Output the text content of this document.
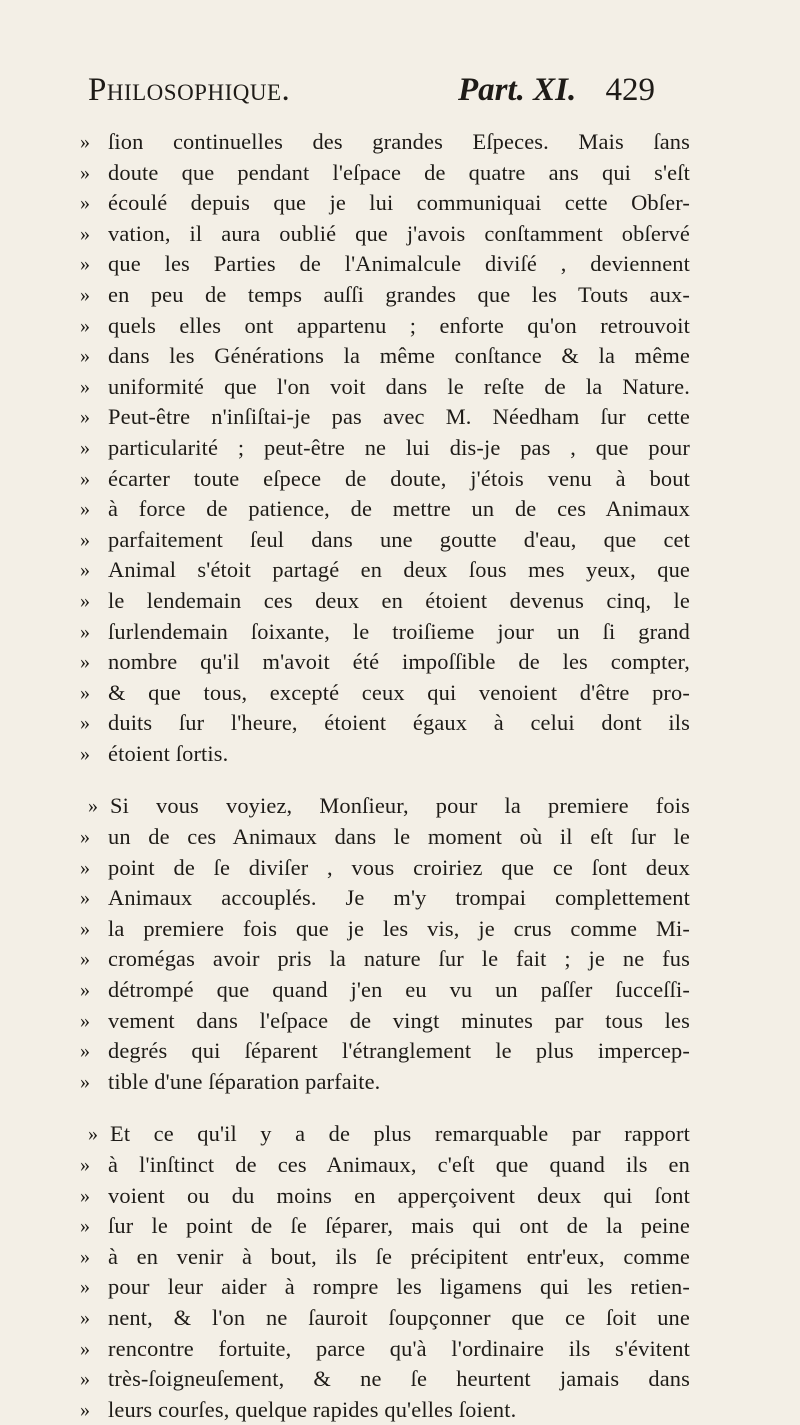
Philosophique.	Part. XI. 429
» ſion continuelles des grandes Eſpeces. Mais ſans
» doute que pendant l'eſpace de quatre ans qui s'eſt
» écoulé depuis que je lui communiquai cette Obſer-
» vation, il aura oublié que j'avois conſtamment obſervé
» que les Parties de l'Animalcule diviſé , deviennent
» en peu de temps auſſi grandes que les Touts aux-
» quels elles ont appartenu ; enforte qu'on retrouvoit
» dans les Générations la même conſtance & la même
» uniformité que l'on voit dans le reſte de la Nature.
» Peut-être n'inſiſtai-je pas avec M. Néedham ſur cette
» particularité ; peut-être ne lui dis-je pas , que pour
» écarter toute eſpece de doute, j'étois venu à bout
» à force de patience, de mettre un de ces Animaux
» parfaitement ſeul dans une goutte d'eau, que cet
» Animal s'étoit partagé en deux ſous mes yeux, que
» le lendemain ces deux en étoient devenus cinq, le
» ſurlendemain ſoixante, le troiſieme jour un ſi grand
» nombre qu'il m'avoit été impoſſible de les compter,
» & que tous, excepté ceux qui venoient d'être pro-
» duits ſur l'heure, étoient égaux à celui dont ils
» étoient ſortis.
» Si vous voyiez, Monſieur, pour la premiere fois
» un de ces Animaux dans le moment où il eſt ſur le
» point de ſe diviſer , vous croiriez que ce ſont deux
» Animaux accouplés. Je m'y trompai complettement
» la premiere fois que je les vis, je crus comme Mi-
» cromégas avoir pris la nature ſur le fait ; je ne fus
» détrompé que quand j'en eu vu un paſſer ſucceſſi-
» vement dans l'eſpace de vingt minutes par tous les
» degrés qui ſéparent l'étranglement le plus impercep-
» tible d'une ſéparation parfaite.
» Et ce qu'il y a de plus remarquable par rapport
» à l'inſtinct de ces Animaux, c'eſt que quand ils en
» voient ou du moins en apperçoivent deux qui ſont
» ſur le point de ſe ſéparer, mais qui ont de la peine
» à en venir à bout, ils ſe précipitent entr'eux, comme
» pour leur aider à rompre les ligamens qui les retien-
» nent, & l'on ne ſauroit ſoupçonner que ce ſoit une
» rencontre fortuite, parce qu'à l'ordinaire ils s'évitent
» très-ſoigneuſement, & ne ſe heurtent jamais dans
» leurs courſes, quelque rapides qu'elles ſoient.
